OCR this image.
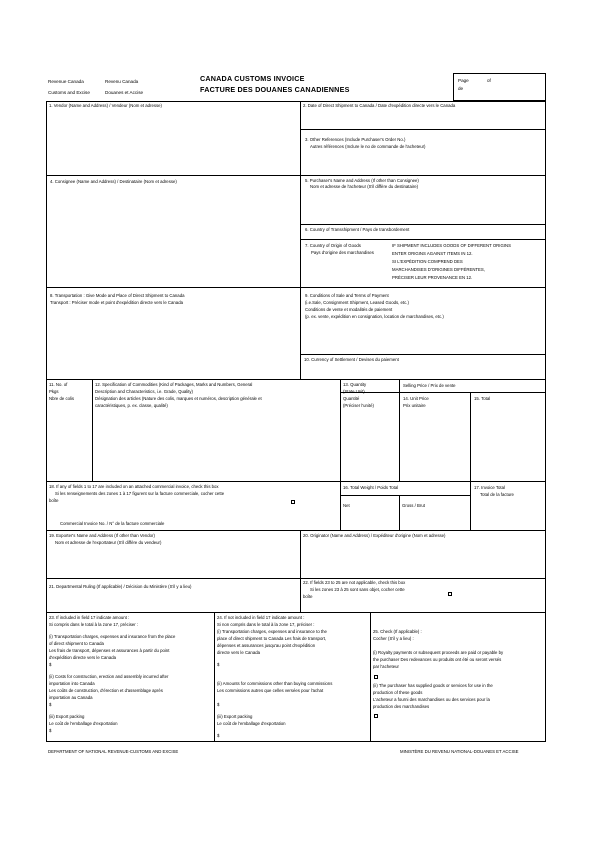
Revenue Canada	Revenu Canada
Customs and Excise	Douanes et Accise
CANADA CUSTOMS INVOICE
FACTURE DES DOUANES CANADIENNES
Page	of
de
1. Vendor (Name and Address) / Vendeur (Nom et adresse)	2. Date of Direct Shipment to Canada / Date d'expédition directe vers le Canada
3. Other References (Include Purchaser's Order No.)
Autres références (Inclure le no de commande de l'acheteur)
4. Consignee (Name and Address) / Destinataire (Nom et adresse)	5. Purchaser's Name and Address (If other than Consignee)
Nom et adresse de l'acheteur (S'il diffère du destinataire)
6. Country of Transshipment / Pays de transbordement
7. Country of Origin of Goods
Pays d'origine des marchandises
IF SHIPMENT INCLUDES GOODS OF DIFFERENT ORIGINS
ENTER ORIGINS AGAINST ITEMS IN 12.
SI L'EXPÉDITION COMPREND DES
MARCHANDISES D'ORIGINES DIFFÉRENTES,
PRÉCISER LEUR PROVENANCE EN 12.
8. Transportation : Give Mode and Place of Direct Shipment to Canada
Transport : Préciser mode et point d'expédition directe vers le Canada
9. Conditions of Sale and Terms of Payment
(i.e.Sale, Consignment Shipment, Leased Goods, etc.)
Conditions de vente et modalités de paiement
(p. ex. vente, expédition en consignation, location de marchandises, etc.)
10. Currency of Settlement / Devises du paiement
11. No. of
Pkgs
Nbre de colis
12. Specification of Commodities (Kind of Packages, Marks and Numbers, General
Description and Characteristics, i.e. Grade, Quality)
Désignation des articles (Nature des colis, marques et numéros, description générale et
caractéristiques, p. ex. classe, qualité)
13. Quantity
(State Unit)
Quantité
(Préciser l'unité)
Selling Price / Prix de vente
14. Unit Price
Prix unitaire
15. Total
18. If any of fields 1 to 17 are included on an attached commercial invoice, check this box
Si les renseignements des zones 1 à 17 figurent sur la facture commerciale, cocher cette
boîte
Commercial Invoice No. / N° de la facture commerciale
16. Total Weight / Poids Total
Net	Gross / Brut
17. Invoice Total
Total de la facture
19. Exporter's Name and Address (If other than Vendor)
Nom et adresse de l'exportateur (S'il diffère du vendeur)
20. Originator (Name and Address) / Expéditeur d'origine (Nom et adresse)
21. Departmental Ruling (If applicable) / Décision du Ministère (S'il y a lieu)
22. If fields 23 to 25 are not applicable, check this box
Si les zones 23 à 25 sont sans objet, cocher cette
boîte
23. If included in field 17 indicate amount :
Si compris dans le total à la zone 17, préciser :
(i) Transportation charges, expenses and insurance from the place
of direct shipment to Canada
Les frais de transport, dépenses et assurances à partir du point
d'expédition directe vers le Canada
$
(ii) Costs for construction, erection and assembly incurred after
importation into Canada
Les coûts de construction, d'érection et d'assemblage après
importation au Canada
$
(iii) Export packing
Le coût de l'emballage d'exportation
$
24. If not included in field 17 indicate amount :
Si non compris dans le total à la zone 17, préciser :
(i) Transportation charges, expenses and insurance to the
place of direct shipment to Canada Les frais de transport,
dépenses et assurances jusqu'au point d'expédition
directe vers le Canada
$
(ii) Amounts for commissions other than buying commissions
Les commissions autres que celles versées pour l'achat
$
(iii) Export packing
Le coût de l'emballage d'exportation
$
25. Check (If applicable) :
Cocher (S'il y a lieu) :
(i) Royalty payments or subsequent proceeds are paid or payable by
the purchaser Des redevances ou produits ont été ou seront versés
par l'acheteur
(ii) The purchaser has supplied goods or services for use in the
production of these goods
L'acheteur a fourni des marchandises ou des services pour la
production des marchandises
DEPARTMENT OF NATIONAL REVENUE-CUSTOMS AND EXCISE	MINISTÈRE DU REVENU NATIONAL-DOUANES ET ACCISE
